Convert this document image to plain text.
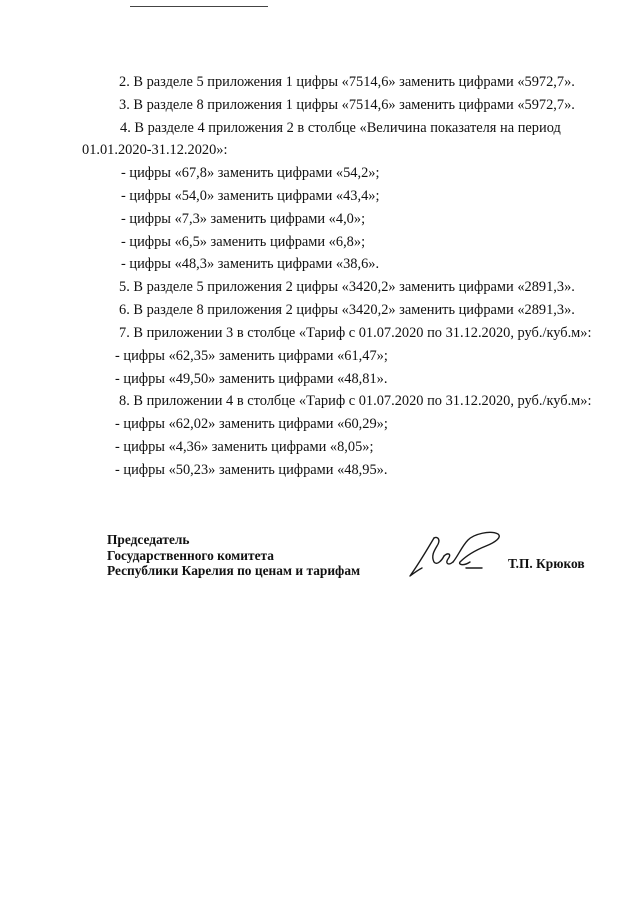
2. В разделе 5 приложения 1 цифры «7514,6» заменить цифрами «5972,7».
3. В разделе 8 приложения 1 цифры «7514,6» заменить цифрами «5972,7».
4. В разделе 4 приложения 2 в столбце «Величина показателя на период
01.01.2020-31.12.2020»:
- цифры «67,8» заменить цифрами «54,2»;
- цифры «54,0» заменить цифрами «43,4»;
- цифры «7,3» заменить цифрами «4,0»;
- цифры «6,5» заменить цифрами «6,8»;
- цифры «48,3» заменить цифрами «38,6».
5. В разделе 5 приложения 2 цифры «3420,2» заменить цифрами «2891,3».
6. В разделе 8 приложения 2 цифры «3420,2» заменить цифрами «2891,3».
7. В приложении 3 в столбце «Тариф с 01.07.2020 по 31.12.2020, руб./куб.м»:
- цифры «62,35» заменить цифрами «61,47»;
- цифры «49,50» заменить цифрами «48,81».
8. В приложении 4 в столбце «Тариф с 01.07.2020 по 31.12.2020, руб./куб.м»:
- цифры «62,02» заменить цифрами «60,29»;
- цифры «4,36» заменить цифрами «8,05»;
- цифры «50,23» заменить цифрами «48,95».
Председатель
Государственного комитета
Республики Карелия по ценам и тарифам	Т.П. Крюков
